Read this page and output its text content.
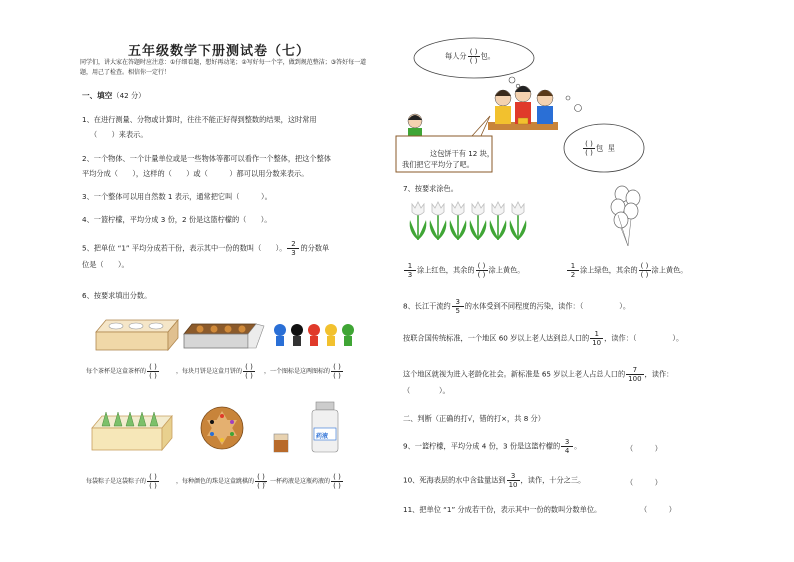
五年级数学下册测试卷（七）
同学们，讲大家在答题时应注意：①仔细看题，想好再动笔；②写好每一个字，做到规范整洁；③答好每一道题，用己了检查。相信你一定行！
一、填空（42 分）
1、在进行测量、分物或计算时，往往不能正好得到整数的结果，这时常用
（　　）来表示。
2、一个物体、一个计量单位或是一些物体等都可以看作一个整体，把这个整体
平均分成（　　），这样的（　　）或（　　　）都可以用分数来表示。
3、一个整体可以用自然数 1 表示，通常把它叫（　　　）。
4、一篮柠檬，平均分成 3 份，2 份是这篮柠檬的（　　）。
5、把单位 “1” 平均分成若干份，表示其中一份的数叫（　　）。 $\frac{2}{3}$ 的分数单
位是（　　）。
6、按要求填出分数。
每个茶杯是这盒茶杯的 $\frac{( )}{( )}$	，每块月饼是这盒月饼的 $\frac{( )}{( )}$ ，一个图标是这两图标的 $\frac{( )}{( )}$
药液
每袋粽子是这袋粽子的 $\frac{( )}{( )}$	，每种颜色的珠是这盒跳棋的 $\frac{( )}{( )}$
，一杯药液是这瓶药液的 $\frac{( )}{( )}$
每人分 $\frac{( )}{( )}$ 包。
这包饼干有 12 块，
我们把它平均分了吧。
$\frac{( )}{( )}$ 包 星
7、按要求涂色。
$\frac{1}{3}$ 涂上红色，其余的 $\frac{( )}{( )}$ 涂上黄色。	$\frac{1}{2}$ 涂上绿色，其余的 $\frac{( )}{( )}$ 涂上黄色。
8、长江干流约 $\frac{3}{5}$ 的水体受到不同程度的污染，读作：（　　　　　）。
按联合国传统标准，一个地区 60 岁以上老人达到总人口的 $\frac{1}{10}$ ，读作：（　　　　　）。
这个地区就视为进入老龄化社会。新标准是 65 岁以上老人占总人口的 $\frac{7}{100}$ ，读作：
（　　　　）。
二、判断（正确的打√，错的打×，共 8 分）
9、一篮柠檬，平均分成 4 份，3 份是这篮柠檬的 $\frac{3}{4}$ 。	（　　　）
10、死海表层的水中含盐量达到 $\frac{3}{10}$ ，读作，十分之三。	（　　　）
11、把单位 “1” 分成若干份，表示其中一份的数叫分数单位。	（　　　）
